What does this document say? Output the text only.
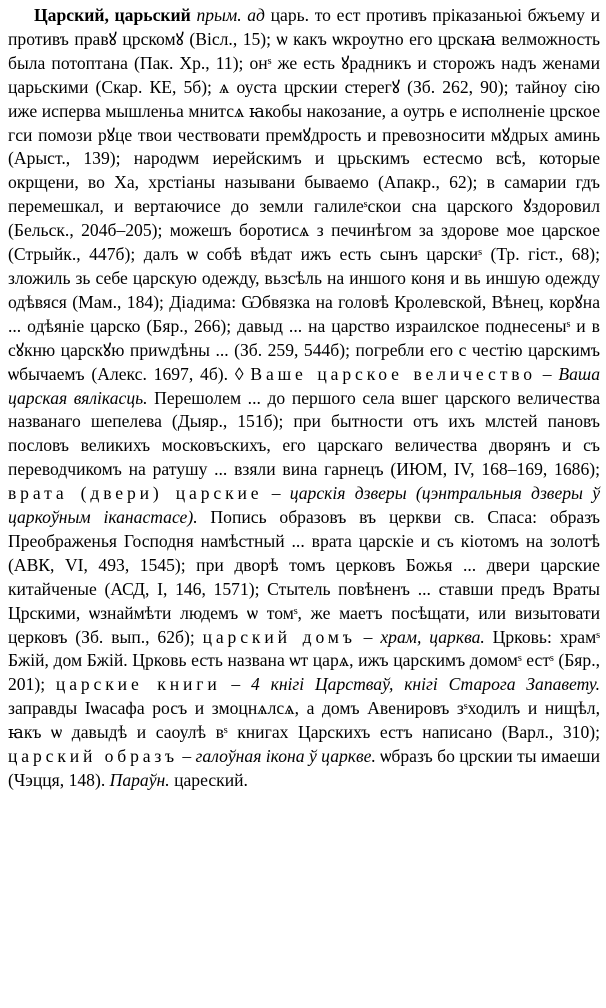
Царский, царьский прым. ад царь. то ест противъ прiказаньюi бжъему и противъ правꙋ црскомꙋ (Вісл., 15); ѡ какъ ѡкроутно его црскаꙗ велможность была потоптана (Пак. Хр., 11); онˢ же есть ꙋрадникъ и сторожъ надъ женами царьскими (Скар. КЕ, 5б); ѧ оуста црскии стерегꙋ (Зб. 262, 90); тайноу сію иже исперва мышленьа мнитсѧ ꙗкобы накозание, а оутрь е исполненіе црское гси помози рꙋце твои чествовати премꙋдрость и превозносити мꙋдрых аминь (Арыст., 139); народѡм иерейскимъ и црьскимъ естесмо всѣ, которые окрщени, во Ха, хрстіаны называни бываемо (Апакр., 62); в самарии гдъ перемешкал, и вертаючисе до земли галилеˢскои сна царского ꙋздоровил (Бельск., 204б–205); можешъ боротисѧ з печинѣгом за здорове мое царское (Стрыйк., 447б); далъ ѡ собѣ вѣдат ижъ есть сынъ царскиˢ (Тр. гіст., 68); зложиль зь себе царскую одежду, вьзсѣль на иншого коня и вь иншую одежду одѣвяся (Мам., 184); Діадима: Ѡбвязка на головѣ Кролевской, Вѣнец, корꙋна ... одѣяніе царско (Бяр., 266); давыд ... на царство израилское поднесеныˢ и в сꙋкню царскꙋю приwдѣны ... (Зб. 259, 544б); погребли его с честію царскимъ ѡбычаемъ (Алекс. 1697, 4б). ◊ Ваше царское величество – Ваша царская вялікасць. Перешолем ... до першого села вшег царского величества названаго шепелева (Дыяр., 151б); при бытности отъ ихъ млстей пановъ пословъ великихъ московъскихъ, его царскаго величества дворянъ и съ переводчикомъ на ратушу ... взяли вина гарнецъ (ИЮМ, IV, 168–169, 1686); врата (двери) царские – царскія дзверы (цэнтральныя дзверы ў царкоўным іканастасе). Попись образовъ въ церкви св. Спаса: образъ Преображенья Господня намѣстный ... врата царскіе и съ кіотомъ на золотѣ (АВК, VI, 493, 1545); при дворѣ томъ церковъ Божья ... двери царские китайченые (АСД, I, 146, 1571); Стытель повѣненъ ... ставши предъ Враты Црскими, ѡзнаймѣти людемъ ѡ томˢ, же маетъ посѣщати, или визытовати церковъ (Зб. вып., 62б); царский домъ – храм, царква. Црковь: храмˢ Бжій, дом Бжій. Црковь есть названа ѡт царѧ, ижъ царскимъ домомˢ естˢ (Бяр., 201); царские книги – 4 кнігі Царстваў, кнігі Старога Запавету. заправды Іѡасафа росъ и змоцнѧлсѧ, а домъ Авенировъ зˢходилъ и нищѣл, ꙗкъ ѡ давыдѣ и саоулѣ вˢ книгах Царскихъ естъ написано (Варл., 310); царский образъ – галоўная ікона ў царкве. ѡбразъ бо црскии ты имаеши (Чэцця, 148). Параўн. цареский.
